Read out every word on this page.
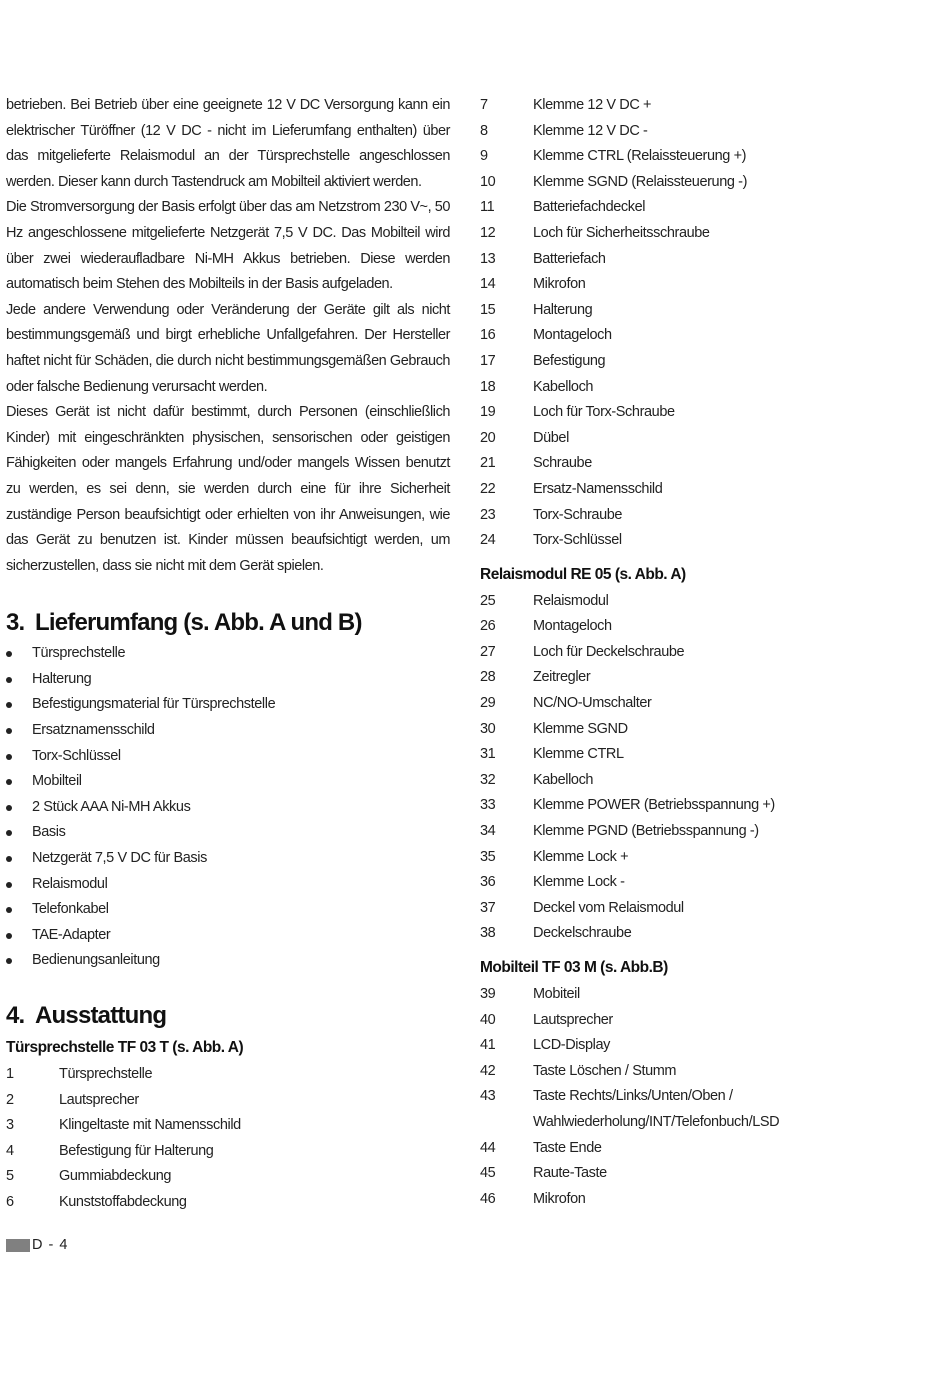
betrieben. Bei Betrieb über eine geeignete 12 V DC Versorgung kann ein elektrischer Türöffner (12 V DC - nicht im Lieferumfang enthalten) über das mitgelieferte Relaismodul an der Türsprechstelle angeschlossen werden. Dieser kann durch Tastendruck am Mobilteil aktiviert werden.

Die Stromversorgung der Basis erfolgt über das am Netzstrom 230 V~, 50 Hz angeschlossene mitgelieferte Netzgerät 7,5 V DC. Das Mobilteil wird über zwei wiederaufladbare Ni-MH Akkus betrieben. Diese werden automatisch beim Stehen des Mobilteils in der Basis aufgeladen.

Jede andere Verwendung oder Veränderung der Geräte gilt als nicht bestimmungsgemäß und birgt erhebliche Unfallgefahren. Der Hersteller haftet nicht für Schäden, die durch nicht bestimmungsgemäßen Gebrauch oder falsche Bedienung verursacht werden.

Dieses Gerät ist nicht dafür bestimmt, durch Personen (einschließlich Kinder) mit eingeschränkten physischen, sensorischen oder geistigen Fähigkeiten oder mangels Erfahrung und/oder mangels Wissen benutzt zu werden, es sei denn, sie werden durch eine für ihre Sicherheit zuständige Person beaufsichtigt oder erhielten von ihr Anweisungen, wie das Gerät zu benutzen ist. Kinder müssen beaufsichtigt werden, um sicherzustellen, dass sie nicht mit dem Gerät spielen.

3. Lieferumfang (s. Abb. A und B)
Türsprechstelle
Halterung
Befestigungsmaterial für Türsprechstelle
Ersatznamensschild
Torx-Schlüssel
Mobilteil
2 Stück AAA Ni-MH Akkus
Basis
Netzgerät 7,5 V DC für Basis
Relaismodul
Telefonkabel
TAE-Adapter
Bedienungsanleitung
4. Ausstattung
Türsprechstelle TF 03 T (s. Abb. A)
1	Türsprechstelle
2	Lautsprecher
3	Klingeltaste mit Namensschild
4	Befestigung für Halterung
5	Gummiabdeckung
6	Kunststoffabdeckung
7	Klemme 12 V DC +
8	Klemme 12 V DC -
9	Klemme CTRL (Relaissteuerung +)
10	Klemme SGND (Relaissteuerung -)
11	Batteriefachdeckel
12	Loch für Sicherheitsschraube
13	Batteriefach
14	Mikrofon
15	Halterung
16	Montageloch
17	Befestigung
18	Kabelloch
19	Loch für Torx-Schraube
20	Dübel
21	Schraube
22	Ersatz-Namensschild
23	Torx-Schraube
24	Torx-Schlüssel
Relaismodul RE 05 (s. Abb. A)
25	Relaismodul
26	Montageloch
27	Loch für Deckelschraube
28	Zeitregler
29	NC/NO-Umschalter
30	Klemme SGND
31	Klemme CTRL
32	Kabelloch
33	Klemme POWER (Betriebsspannung +)
34	Klemme PGND (Betriebsspannung -)
35	Klemme Lock +
36	Klemme Lock -
37	Deckel vom Relaismodul
38	Deckelschraube
Mobilteil TF 03 M (s. Abb.B)
39	Mobiteil
40	Lautsprecher
41	LCD-Display
42	Taste Löschen / Stumm
43	Taste Rechts/Links/Unten/Oben / Wahlwiederholung/INT/Telefonbuch/LSD
44	Taste Ende
45	Raute-Taste
46	Mikrofon
D - 4
